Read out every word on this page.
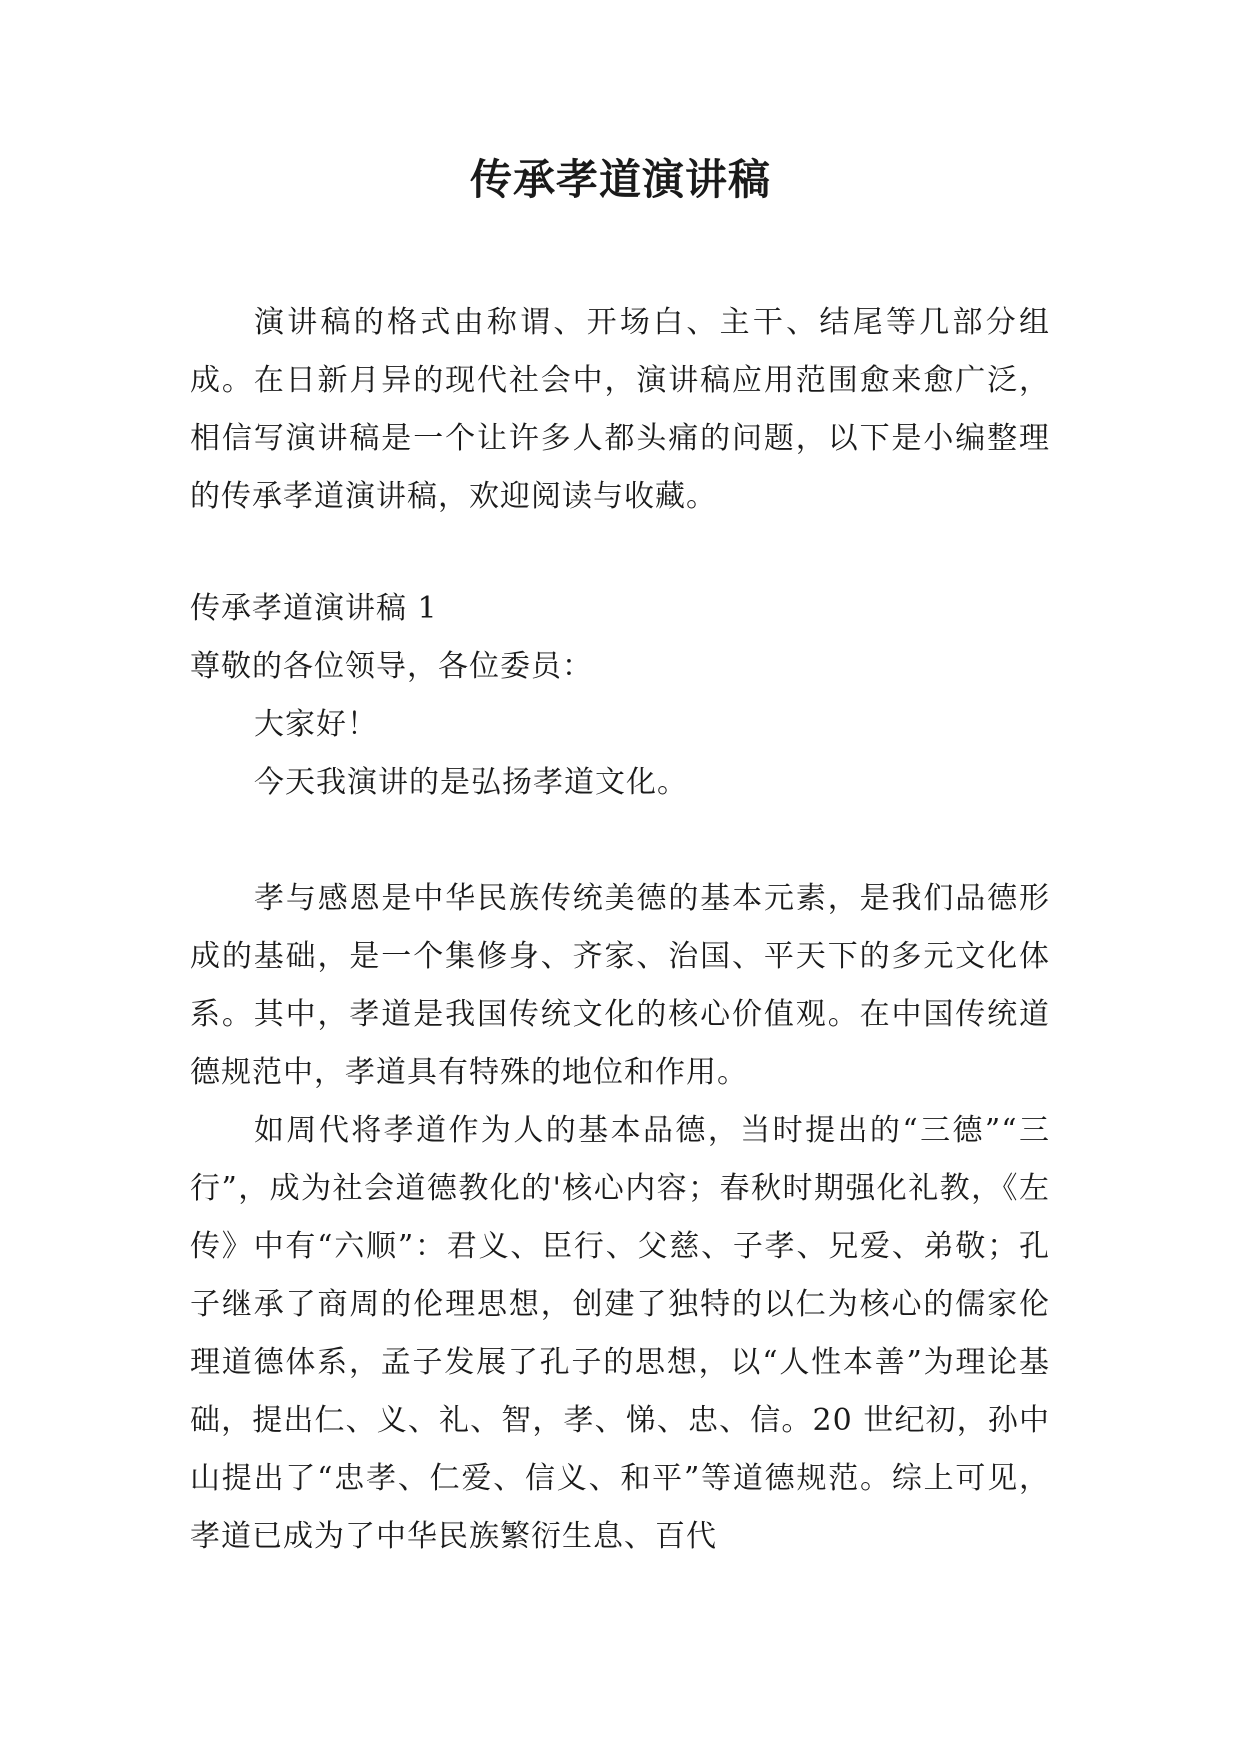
传承孝道演讲稿

演讲稿的格式由称谓、开场白、主干、结尾等几部分组成。在日新月异的现代社会中，演讲稿应用范围愈来愈广泛，相信写演讲稿是一个让许多人都头痛的问题，以下是小编整理的传承孝道演讲稿，欢迎阅读与收藏。

传承孝道演讲稿 1

尊敬的各位领导，各位委员：

大家好！

今天我演讲的是弘扬孝道文化。

孝与感恩是中华民族传统美德的基本元素，是我们品德形成的基础，是一个集修身、齐家、治国、平天下的多元文化体系。其中，孝道是我国传统文化的核心价值观。在中国传统道德规范中，孝道具有特殊的地位和作用。

如周代将孝道作为人的基本品德，当时提出的“三德”“三行”，成为社会道德教化的'核心内容；春秋时期强化礼教，《左传》中有“六顺”：君义、臣行、父慈、子孝、兄爱、弟敬；孔子继承了商周的伦理思想，创建了独特的以仁为核心的儒家伦理道德体系，孟子发展了孔子的思想，以“人性本善”为理论基础，提出仁、义、礼、智，孝、悌、忠、信。20 世纪初，孙中山提出了“忠孝、仁爱、信义、和平”等道德规范。综上可见，孝道已成为了中华民族繁衍生息、百代
